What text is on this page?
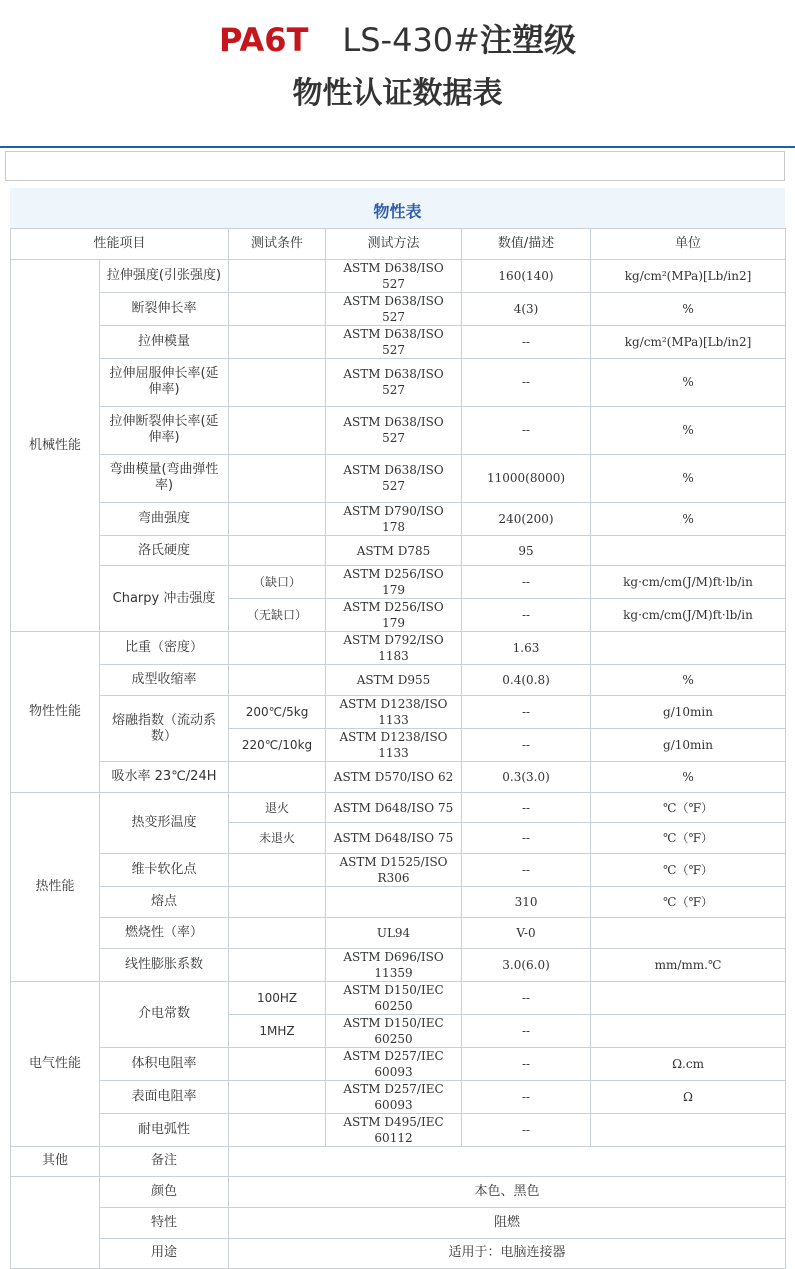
PA6T LS-430#注塑级
物性认证数据表
物性表
性能项目		测试条件	测试方法	数值/描述	单位
机械性能	拉伸强度(引张强度)		ASTM D638/ISO 527	160(140)	kg/cm²(MPa)[Lb/in2]
	断裂伸长率		ASTM D638/ISO 527	4(3)	%
	拉伸模量		ASTM D638/ISO 527	--	kg/cm²(MPa)[Lb/in2]
	拉伸屈服伸长率(延伸率)		ASTM D638/ISO 527	--	%
	拉伸断裂伸长率(延伸率)		ASTM D638/ISO 527	--	%
	弯曲模量(弯曲弹性率)		ASTM D638/ISO 527	11000(8000)	%
	弯曲强度		ASTM D790/ISO 178	240(200)	%
	洛氏硬度		ASTM D785	95	
	Charpy 冲击强度	（缺口）	ASTM D256/ISO 179	--	kg·cm/cm(J/M)ft·lb/in
		（无缺口）	ASTM D256/ISO 179	--	kg·cm/cm(J/M)ft·lb/in
物性性能	比重（密度）		ASTM D792/ISO 1183	1.63	
	成型收缩率		ASTM D955	0.4(0.8)	%
	熔融指数（流动系数）	200℃/5kg	ASTM D1238/ISO 1133	--	g/10min
		220℃/10kg	ASTM D1238/ISO 1133	--	g/10min
	吸水率 23℃/24H		ASTM D570/ISO 62	0.3(3.0)	%
热性能	热变形温度	退火	ASTM D648/ISO 75	--	℃（℉）
		未退火	ASTM D648/ISO 75	--	℃（℉）
	维卡软化点		ASTM D1525/ISO R306	--	℃（℉）
	熔点			310	℃（℉）
	燃烧性（率）		UL94	V-0	
	线性膨胀系数		ASTM D696/ISO 11359	3.0(6.0)	mm/mm.℃
电气性能	介电常数	100HZ	ASTM D150/IEC 60250	--	
		1MHZ	ASTM D150/IEC 60250	--	
	体积电阻率		ASTM D257/IEC 60093	--	Ω.cm
	表面电阻率		ASTM D257/IEC 60093	--	Ω
	耐电弧性		ASTM D495/IEC 60112	--	
其他	备注				
	颜色	本色、黑色			
	特性	阻燃			
	用途	适用于：电脑连接器			
